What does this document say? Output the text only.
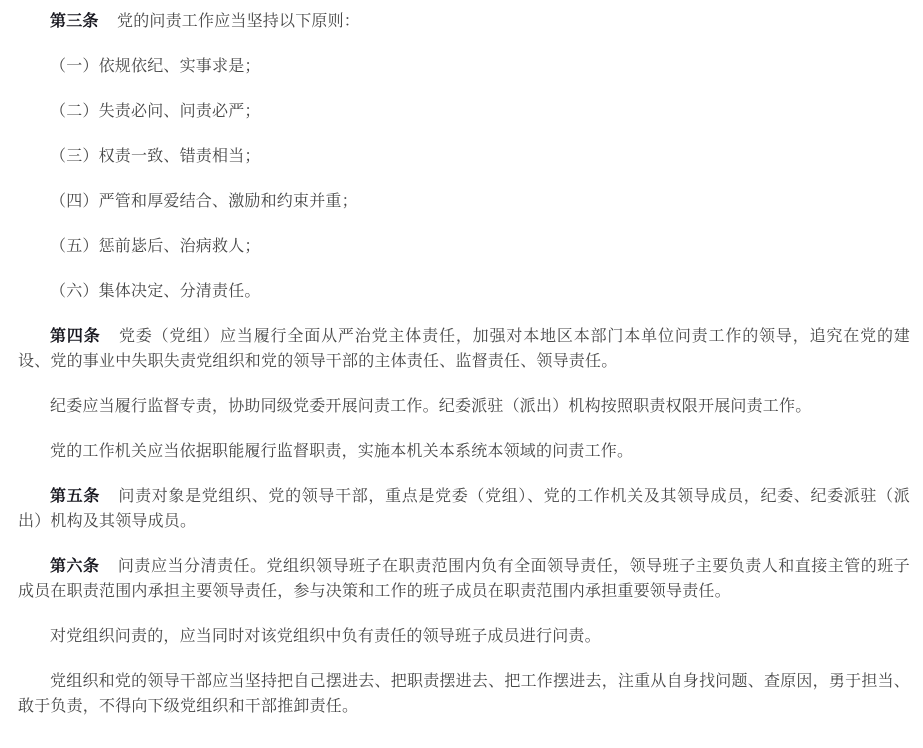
第三条 党的问责工作应当坚持以下原则：

（一）依规依纪、实事求是；

（二）失责必问、问责必严；

（三）权责一致、错责相当；

（四）严管和厚爱结合、激励和约束并重；

（五）惩前毖后、治病救人；

（六）集体决定、分清责任。

第四条 党委（党组）应当履行全面从严治党主体责任，加强对本地区本部门本单位问责工作的领导，追究在党的建设、党的事业中失职失责党组织和党的领导干部的主体责任、监督责任、领导责任。

纪委应当履行监督专责，协助同级党委开展问责工作。纪委派驻（派出）机构按照职责权限开展问责工作。

党的工作机关应当依据职能履行监督职责，实施本机关本系统本领域的问责工作。

第五条 问责对象是党组织、党的领导干部，重点是党委（党组）、党的工作机关及其领导成员，纪委、纪委派驻（派出）机构及其领导成员。

第六条 问责应当分清责任。党组织领导班子在职责范围内负有全面领导责任，领导班子主要负责人和直接主管的班子成员在职责范围内承担主要领导责任，参与决策和工作的班子成员在职责范围内承担重要领导责任。

对党组织问责的，应当同时对该党组织中负有责任的领导班子成员进行问责。

党组织和党的领导干部应当坚持把自己摆进去、把职责摆进去、把工作摆进去，注重从自身找问题、查原因，勇于担当、敢于负责，不得向下级党组织和干部推卸责任。
